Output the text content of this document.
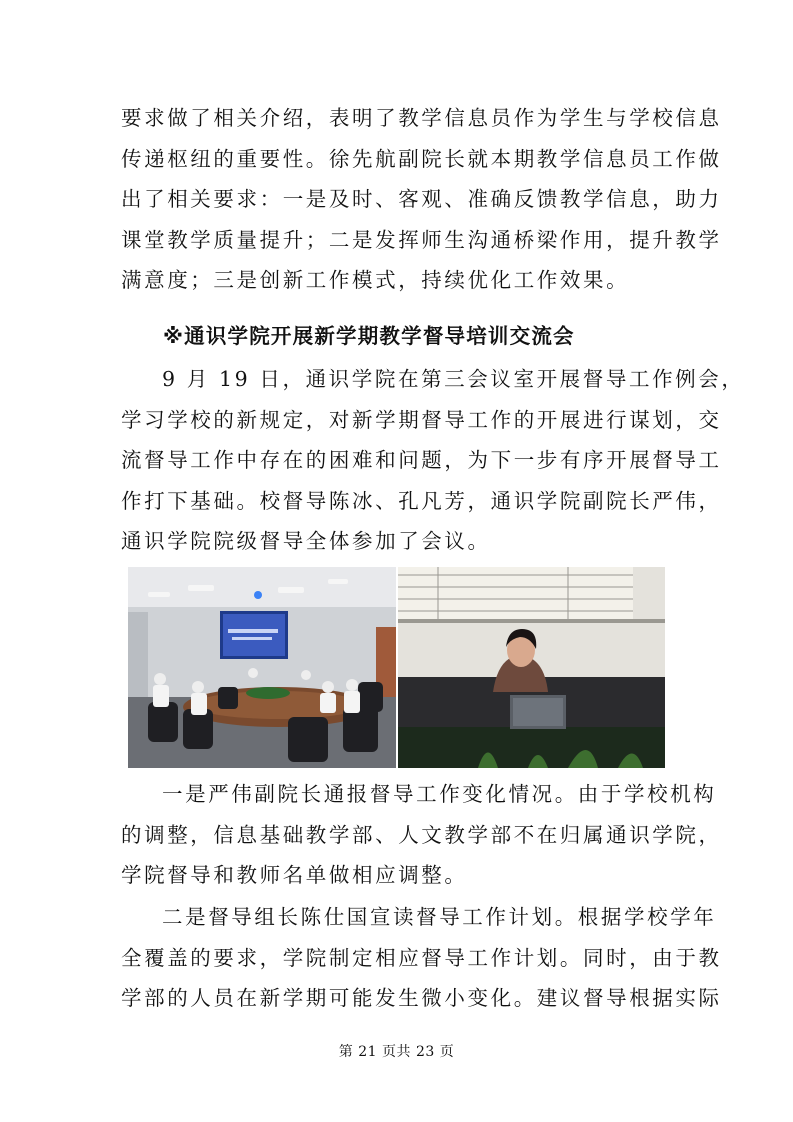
要求做了相关介绍，表明了教学信息员作为学生与学校信息
传递枢纽的重要性。徐先航副院长就本期教学信息员工作做
出了相关要求：一是及时、客观、准确反馈教学信息，助力
课堂教学质量提升；二是发挥师生沟通桥梁作用，提升教学
满意度；三是创新工作模式，持续优化工作效果。
※通识学院开展新学期教学督导培训交流会
9 月 19 日，通识学院在第三会议室开展督导工作例会，
学习学校的新规定，对新学期督导工作的开展进行谋划，交
流督导工作中存在的困难和问题，为下一步有序开展督导工
作打下基础。校督导陈冰、孔凡芳，通识学院副院长严伟，
通识学院院级督导全体参加了会议。
一是严伟副院长通报督导工作变化情况。由于学校机构
的调整，信息基础教学部、人文教学部不在归属通识学院，
学院督导和教师名单做相应调整。
二是督导组长陈仕国宣读督导工作计划。根据学校学年
全覆盖的要求，学院制定相应督导工作计划。同时，由于教
学部的人员在新学期可能发生微小变化。建议督导根据实际
第 21 页共 23 页
